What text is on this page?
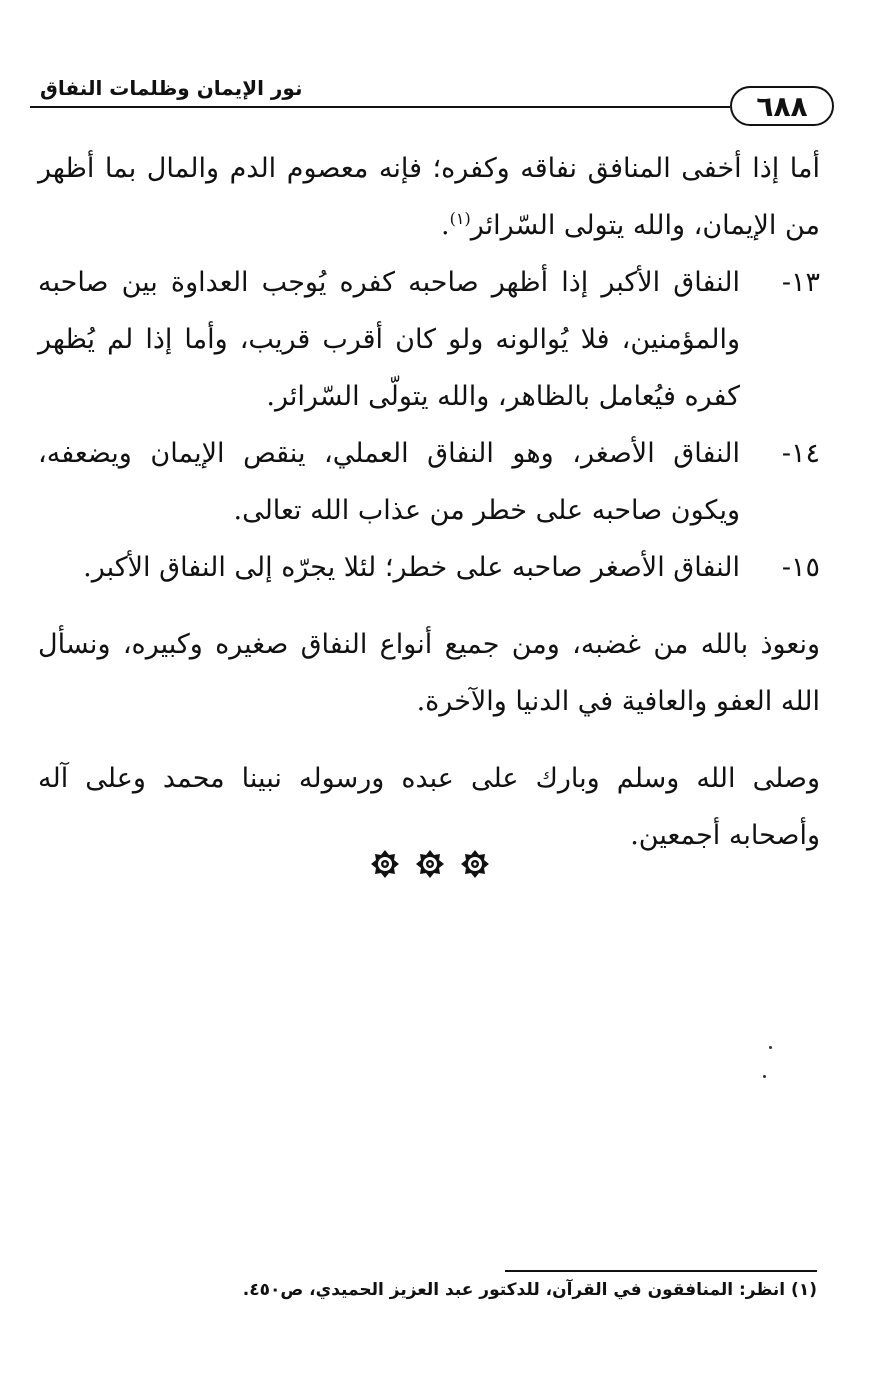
نور الإيمان وظلمات النفاق
٦٨٨

أما إذا أخفى المنافق نفاقه وكفره؛ فإنه معصوم الدم والمال بما أظهر من الإيمان، والله يتولى السّرائر$^{(١)}$.

١٣-
النفاق الأكبر إذا أظهر صاحبه كفره يُوجب العداوة بين صاحبه والمؤمنين، فلا يُوالونه ولو كان أقرب قريب، وأما إذا لم يُظهر كفره فيُعامل بالظاهر، والله يتولّى السّرائر.
١٤-
النفاق الأصغر، وهو النفاق العملي، ينقص الإيمان ويضعفه، ويكون صاحبه على خطر من عذاب الله تعالى.
١٥-
النفاق الأصغر صاحبه على خطر؛ لئلا يجرّه إلى النفاق الأكبر.

ونعوذ بالله من غضبه، ومن جميع أنواع النفاق صغيره وكبيره، ونسأل الله العفو والعافية في الدنيا والآخرة.

وصلى الله وسلم وبارك على عبده ورسوله نبينا محمد وعلى آله وأصحابه أجمعين.

(١) انظر: المنافقون في القرآن، للدكتور عبد العزيز الحميدي، ص٤٥٠.
